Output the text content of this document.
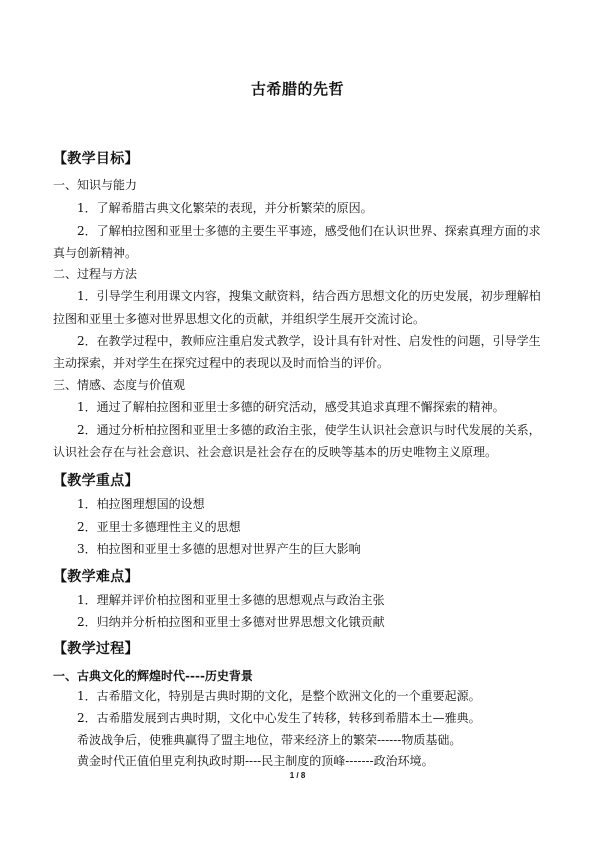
古希腊的先哲
【教学目标】
一、知识与能力
1．了解希腊古典文化繁荣的表现，并分析繁荣的原因。
2．了解柏拉图和亚里士多德的主要生平事迹，感受他们在认识世界、探索真理方面的求
真与创新精神。
二、过程与方法
1．引导学生利用课文内容，搜集文献资料，结合西方思想文化的历史发展，初步理解柏
拉图和亚里士多德对世界思想文化的贡献，并组织学生展开交流讨论。
2．在教学过程中，教师应注重启发式教学，设计具有针对性、启发性的问题，引导学生
主动探索，并对学生在探究过程中的表现以及时而恰当的评价。
三、情感、态度与价值观
1．通过了解柏拉图和亚里士多德的研究活动，感受其追求真理不懈探索的精神。
2．通过分析柏拉图和亚里士多德的政治主张，使学生认识社会意识与时代发展的关系，
认识社会存在与社会意识、社会意识是社会存在的反映等基本的历史唯物主义原理。
【教学重点】
1．柏拉图理想国的设想
2．亚里士多德理性主义的思想
3．柏拉图和亚里士多德的思想对世界产生的巨大影响
【教学难点】
1．理解并评价柏拉图和亚里士多德的思想观点与政治主张
2．归纳并分析柏拉图和亚里士多德对世界思想文化锇贡献
【教学过程】
一、古典文化的辉煌时代----历史背景
1．古希腊文化，特别是古典时期的文化，是整个欧洲文化的一个重要起源。
2．古希腊发展到古典时期，文化中心发生了转移，转移到希腊本土—雅典。
希波战争后，使雅典赢得了盟主地位，带来经济上的繁荣------物质基础。
黄金时代正值伯里克利执政时期----民主制度的顶峰-------政治环境。
1 / 8
